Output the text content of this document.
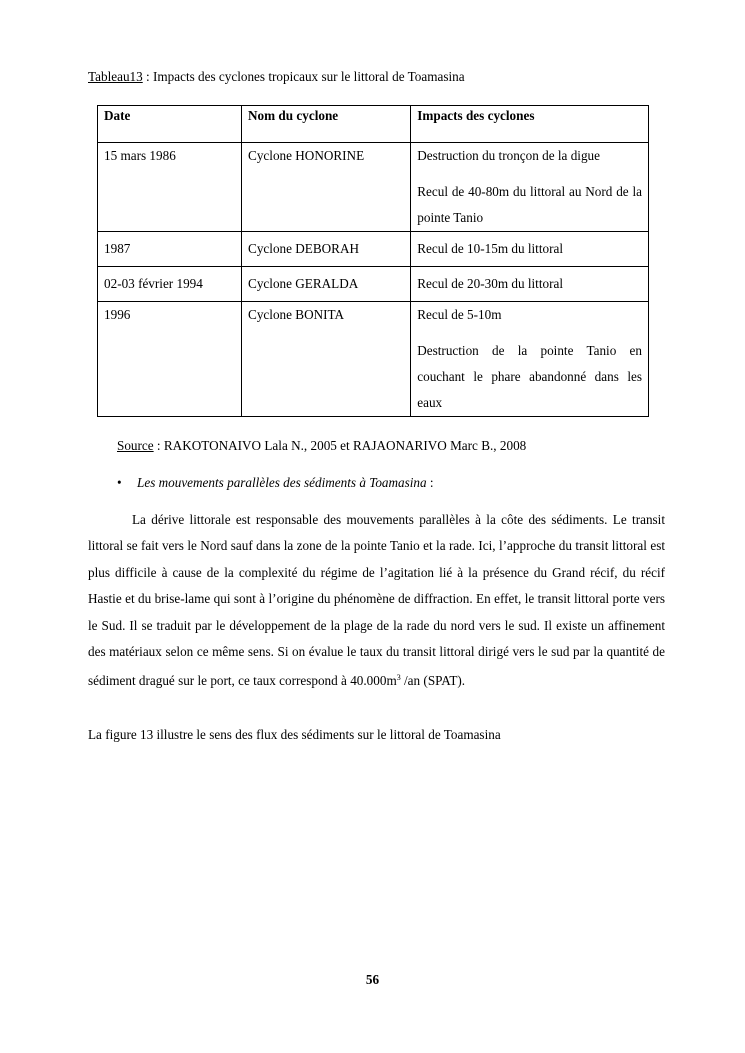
Tableau13 : Impacts des cyclones tropicaux sur le littoral de Toamasina
Date	Nom du cyclone	Impacts des cyclones

15 mars 1986	Cyclone HONORINE	Destruction du tronçon de la digue

Recul de 40-80m du littoral au Nord de la pointe Tanio

1987	Cyclone DEBORAH	Recul de 10-15m du littoral

02-03 février 1994	Cyclone GERALDA	Recul de 20-30m du littoral

1996	Cyclone BONITA	Recul de 5-10m

Destruction de la pointe Tanio en couchant le phare abandonné dans les eaux

Source : RAKOTONAIVO Lala N., 2005 et RAJAONARIVO Marc B., 2008
• Les mouvements parallèles des sédiments à Toamasina :

La dérive littorale est responsable des mouvements parallèles à la côte des sédiments. Le transit littoral se fait vers le Nord sauf dans la zone de la pointe Tanio et la rade. Ici, l’approche du transit littoral est plus difficile à cause de la complexité du régime de l’agitation lié à la présence du Grand récif, du récif Hastie et du brise-lame qui sont à l’origine du phénomène de diffraction. En effet, le transit littoral porte vers le Sud. Il se traduit par le développement de la plage de la rade du nord vers le sud. Il existe un affinement des matériaux selon ce même sens. Si on évalue le taux du transit littoral dirigé vers le sud par la quantité de sédiment dragué sur le port, ce taux correspond à $40.000m^3$ /an (SPAT).

La figure 13 illustre le sens des flux des sédiments sur le littoral de Toamasina

56
